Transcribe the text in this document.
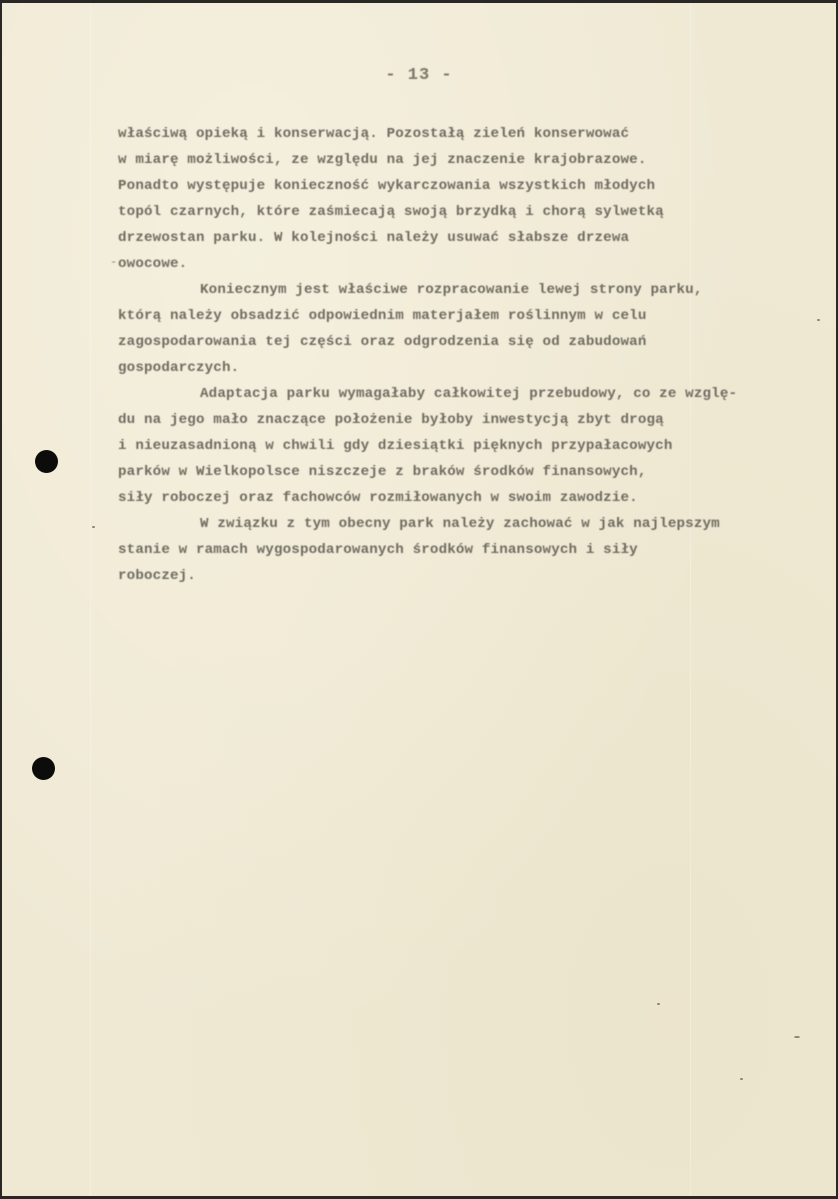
- 13 -
właściwą opieką i konserwacją. Pozostałą zieleń konserwować
w miarę możliwości, ze względu na jej znaczenie krajobrazowe.
Ponadto występuje konieczność wykarczowania wszystkich młodych
topól czarnych, które zaśmiecają swoją brzydką i chorą sylwetką
drzewostan parku. W kolejności należy usuwać słabsze drzewa
owocowe.
Koniecznym jest właściwe rozpracowanie lewej strony parku,
którą należy obsadzić odpowiednim materjałem roślinnym w celu
zagospodarowania tej części oraz odgrodzenia się od zabudowań
gospodarczych.
Adaptacja parku wymagałaby całkowitej przebudowy, co ze wzglę-
du na jego mało znaczące położenie byłoby inwestycją zbyt drogą
i nieuzasadnioną w chwili gdy dziesiątki pięknych przypałacowych
parków w Wielkopolsce niszczeje z braków środków finansowych,
siły roboczej oraz fachowców rozmiłowanych w swoim zawodzie.
W związku z tym obecny park należy zachować w jak najlepszym
stanie w ramach wygospodarowanych środków finansowych i siły
roboczej.
-
